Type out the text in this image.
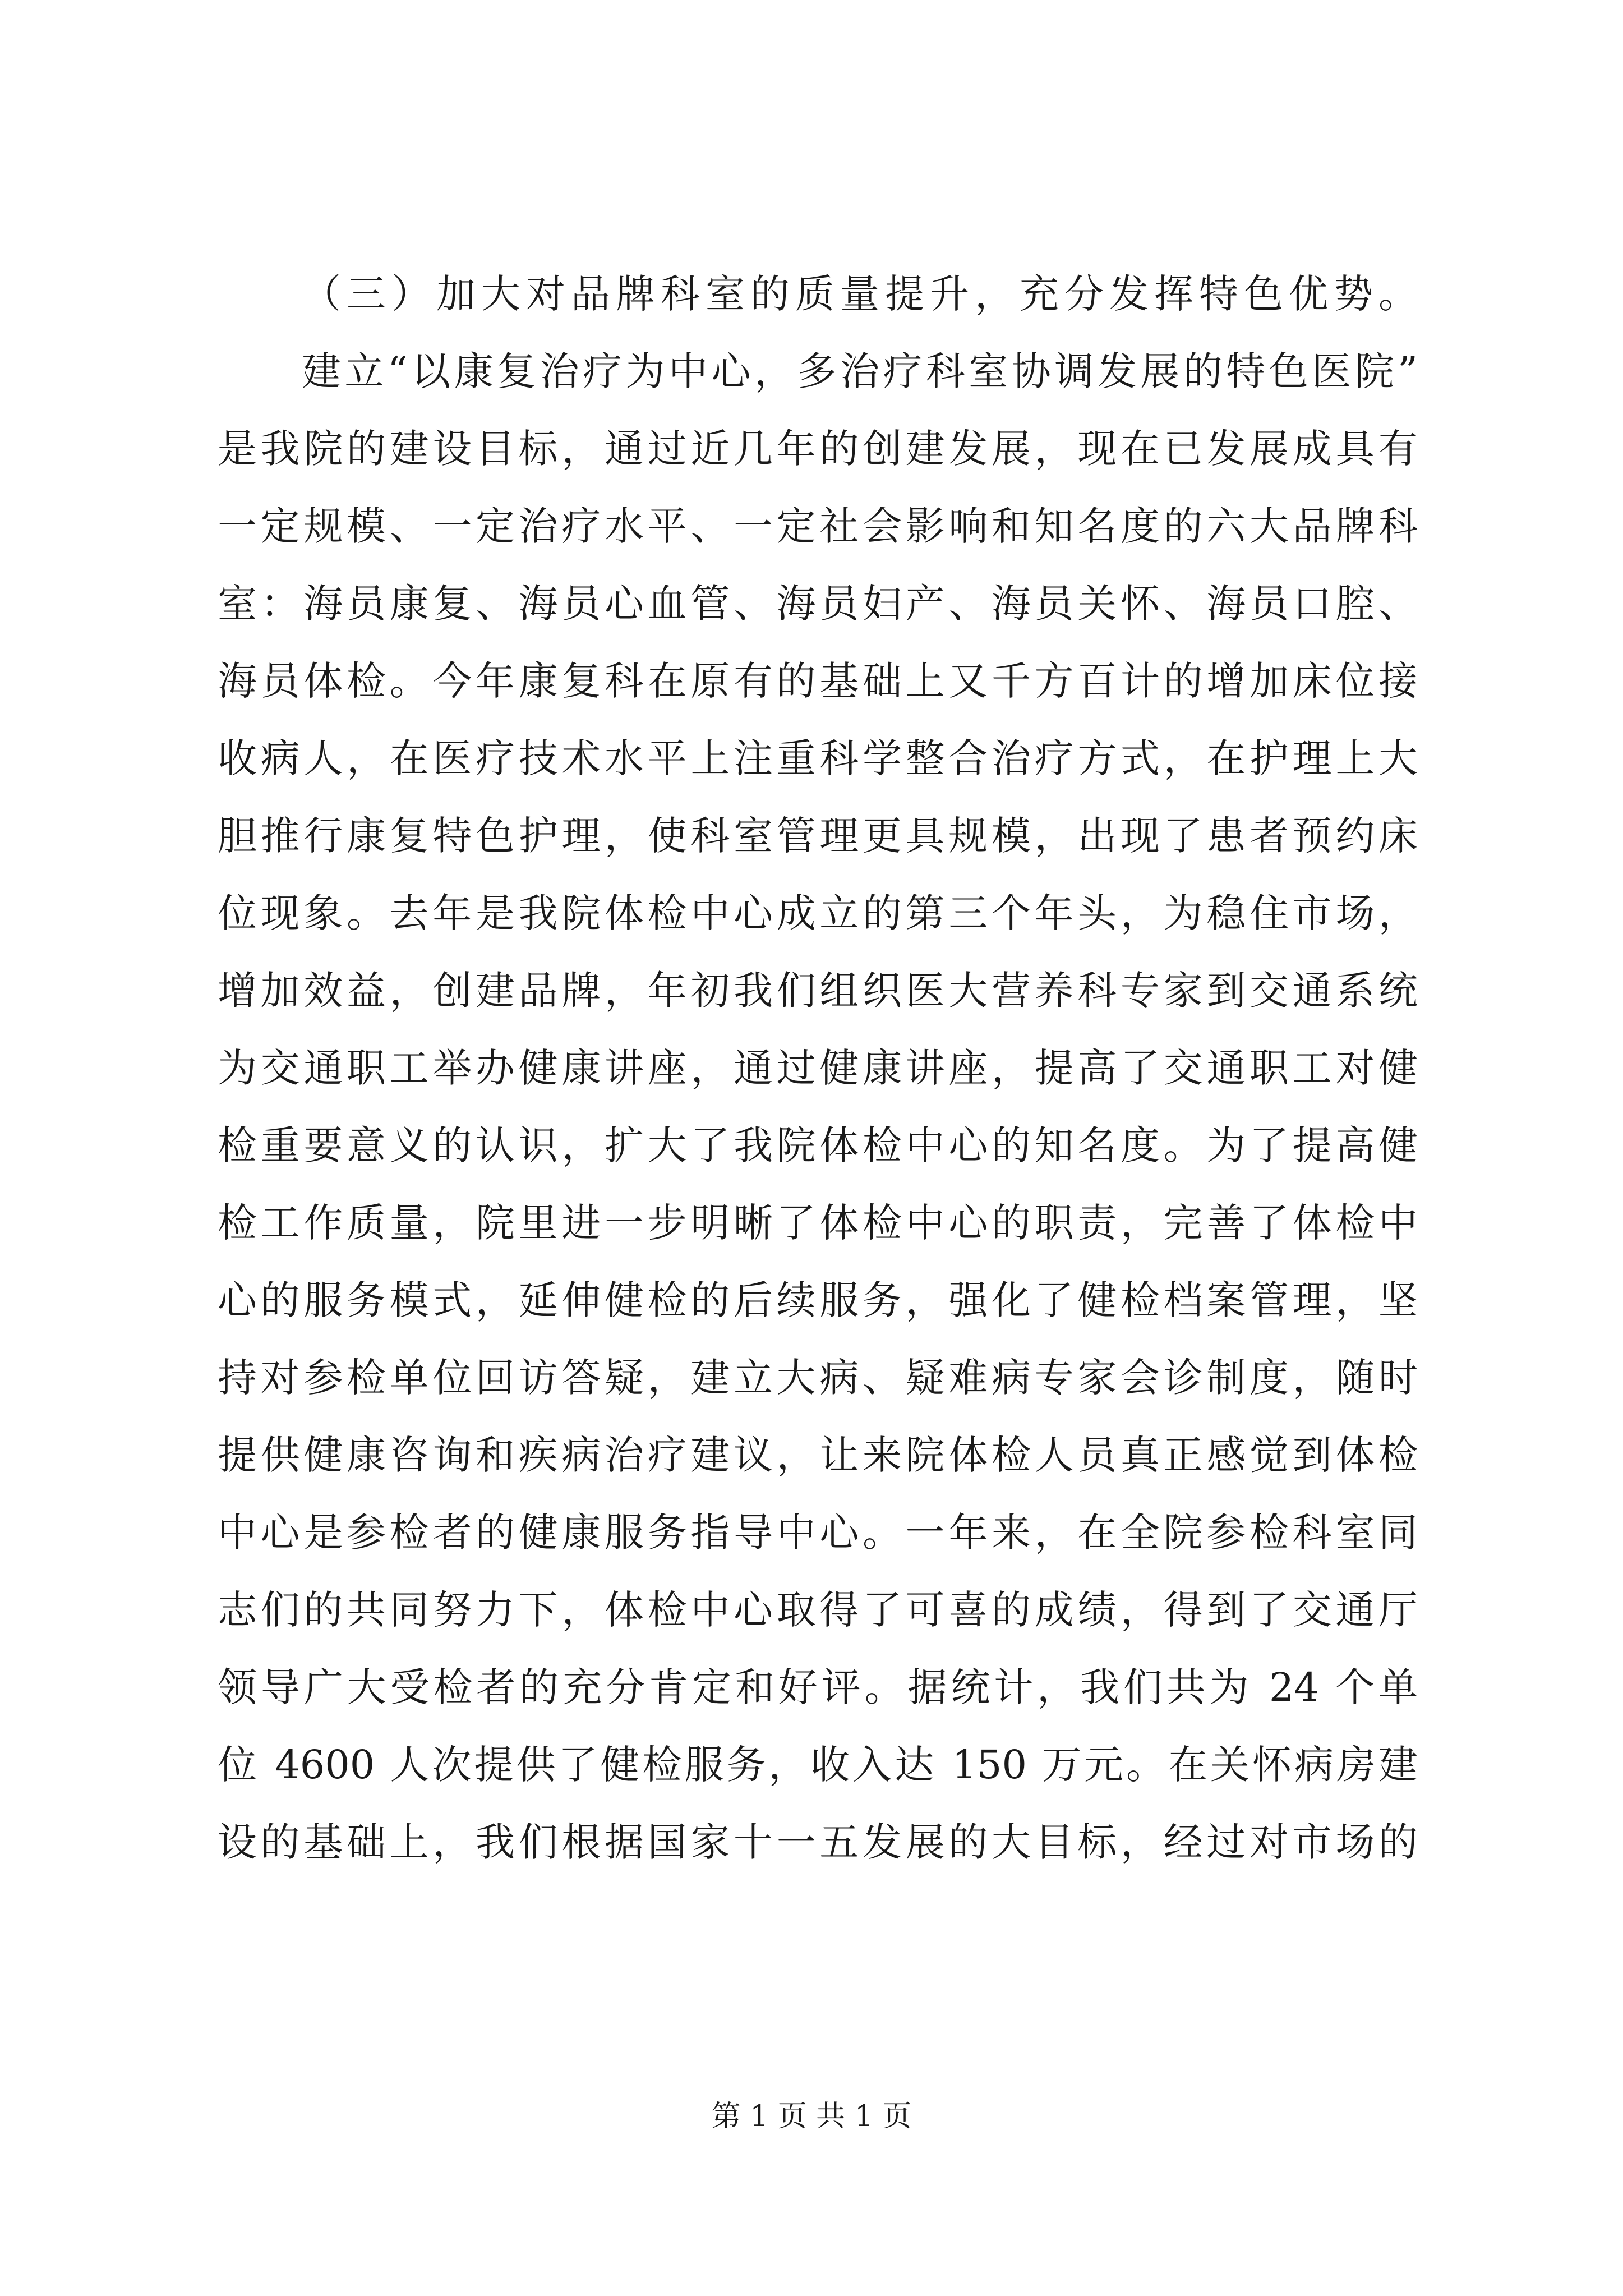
（三）加大对品牌科室的质量提升，充分发挥特色优势。
建立“以康复治疗为中心，多治疗科室协调发展的特色医院”
是我院的建设目标，通过近几年的创建发展，现在已发展成具有
一定规模、一定治疗水平、一定社会影响和知名度的六大品牌科
室：海员康复、海员心血管、海员妇产、海员关怀、海员口腔、
海员体检。今年康复科在原有的基础上又千方百计的增加床位接
收病人，在医疗技术水平上注重科学整合治疗方式，在护理上大
胆推行康复特色护理，使科室管理更具规模，出现了患者预约床
位现象。去年是我院体检中心成立的第三个年头，为稳住市场，
增加效益，创建品牌，年初我们组织医大营养科专家到交通系统
为交通职工举办健康讲座，通过健康讲座，提高了交通职工对健
检重要意义的认识，扩大了我院体检中心的知名度。为了提高健
检工作质量，院里进一步明晰了体检中心的职责，完善了体检中
心的服务模式，延伸健检的后续服务，强化了健检档案管理，坚
持对参检单位回访答疑，建立大病、疑难病专家会诊制度，随时
提供健康咨询和疾病治疗建议，让来院体检人员真正感觉到体检
中心是参检者的健康服务指导中心。一年来，在全院参检科室同
志们的共同努力下，体检中心取得了可喜的成绩，得到了交通厅
领导广大受检者的充分肯定和好评。据统计，我们共为 24 个单
位 4600 人次提供了健检服务，收入达 150 万元。在关怀病房建
设的基础上，我们根据国家十一五发展的大目标，经过对市场的
第 1 页 共 1 页
